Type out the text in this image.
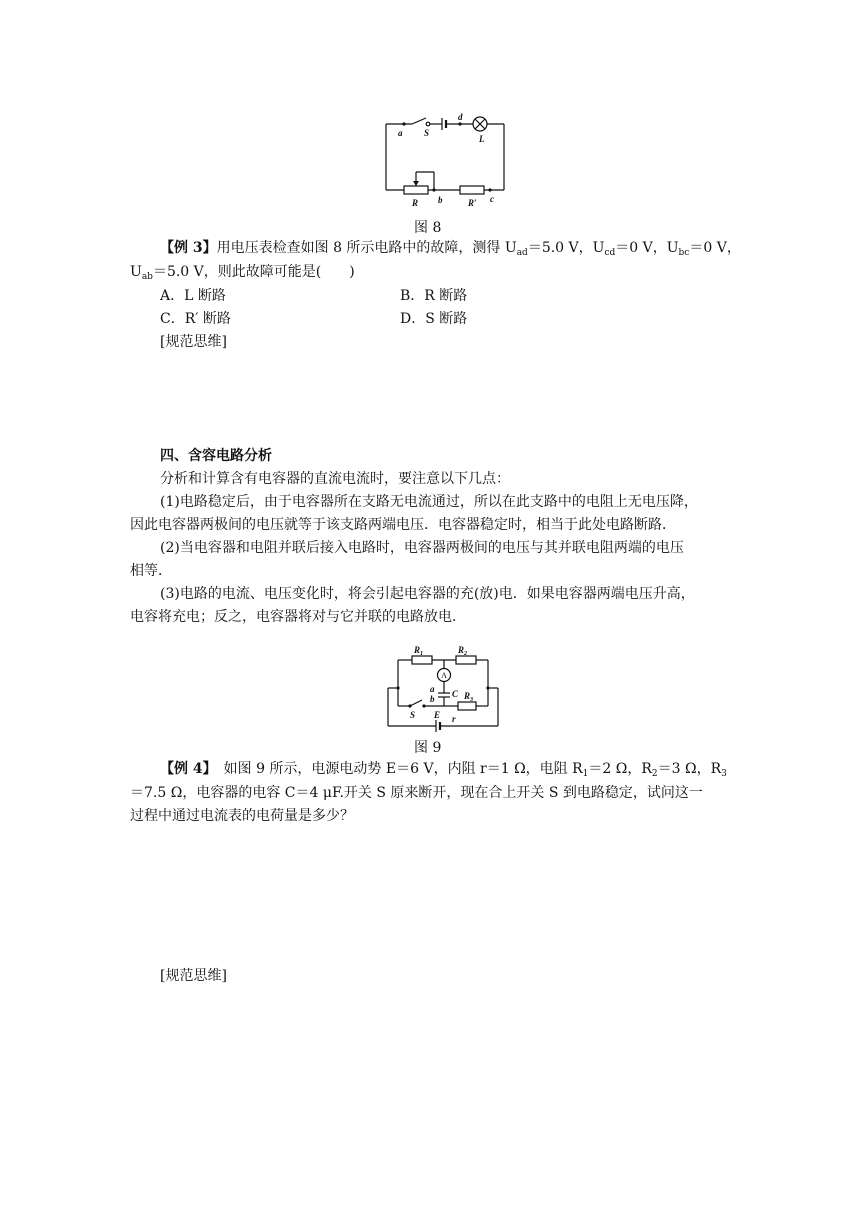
a S
d
L
R b	R′ c
图 8
【例 3】用电压表检查如图 8 所示电路中的故障，测得 $U_{ad}=5.0$ V，$U_{cd}=0$ V，$U_{bc}=0$ V，
$U_{ab}=5.0$ V，则此故障可能是(　　)
A．L 断路	B．R 断路
C．R′ 断路	D．S 断路
[规范思维]
四、含容电路分析
分析和计算含有电容器的直流电流时，要注意以下几点：
(1)电路稳定后，由于电容器所在支路无电流通过，所以在此支路中的电阻上无电压降，
因此电容器两极间的电压就等于该支路两端电压．电容器稳定时，相当于此处电路断路．
(2)当电容器和电阻并联后接入电路时，电容器两极间的电压与其并联电阻两端的电压
相等．
(3)电路的电流、电压变化时，将会引起电容器的充(放)电．如果电容器两端电压升高，
电容将充电；反之，电容器将对与它并联的电路放电．
$R_1$	$R_2$
a
b C $R_3$
S E r
A
图 9
【例 4】　如图 9 所示，电源电动势 E＝6 V，内阻 r＝1 Ω，电阻 $R_1=2$ Ω，$R_2=3$ Ω，$R_3$
＝7.5 Ω，电容器的电容 C＝4 μF.开关 S 原来断开，现在合上开关 S 到电路稳定，试问这一
过程中通过电流表的电荷量是多少？
[规范思维]
